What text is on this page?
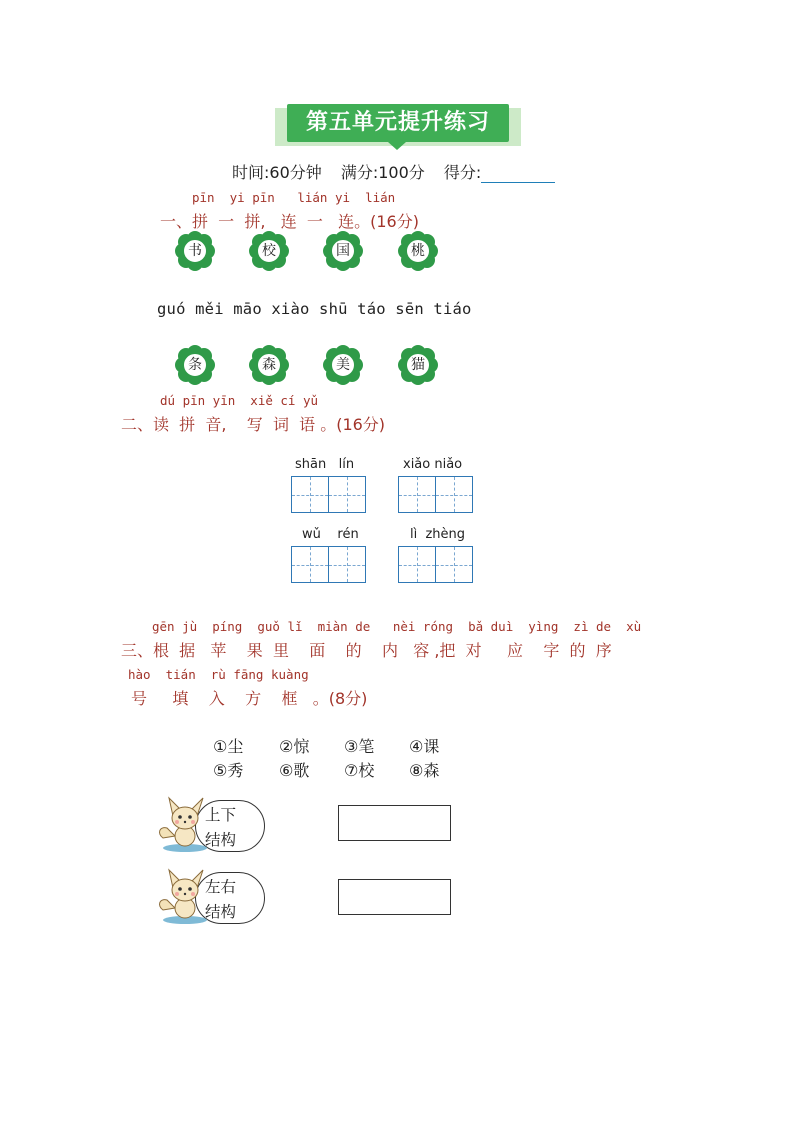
第五单元提升练习
时间:60分钟 满分:100分 得分:
pīn  yi pīn   lián yi  lián
一、拼  一  拼,   连  一   连。(16分)
书	校	国	桃
guó měi māo xiào shū táo sēn tiáo
条	森	美	猫
dú pīn yīn  xiě cí yǔ
二、读  拼  音,    写  词  语 。(16分)
shān   lín	xiǎo niǎo
wǔ    rén	lì  zhèng
gēn jù  píng  guǒ lǐ  miàn de   nèi róng  bǎ duì  yìng  zì de  xù
三、根  据   苹    果  里    面    的    内   容 ,把  对     应    字  的  序
hào  tián  rù fāng kuàng
号     填    入    方    框   。(8分)
①尘 ②惊 ③笔 ④课
⑤秀 ⑥歌 ⑦校 ⑧森
上下
结构
左右
结构
